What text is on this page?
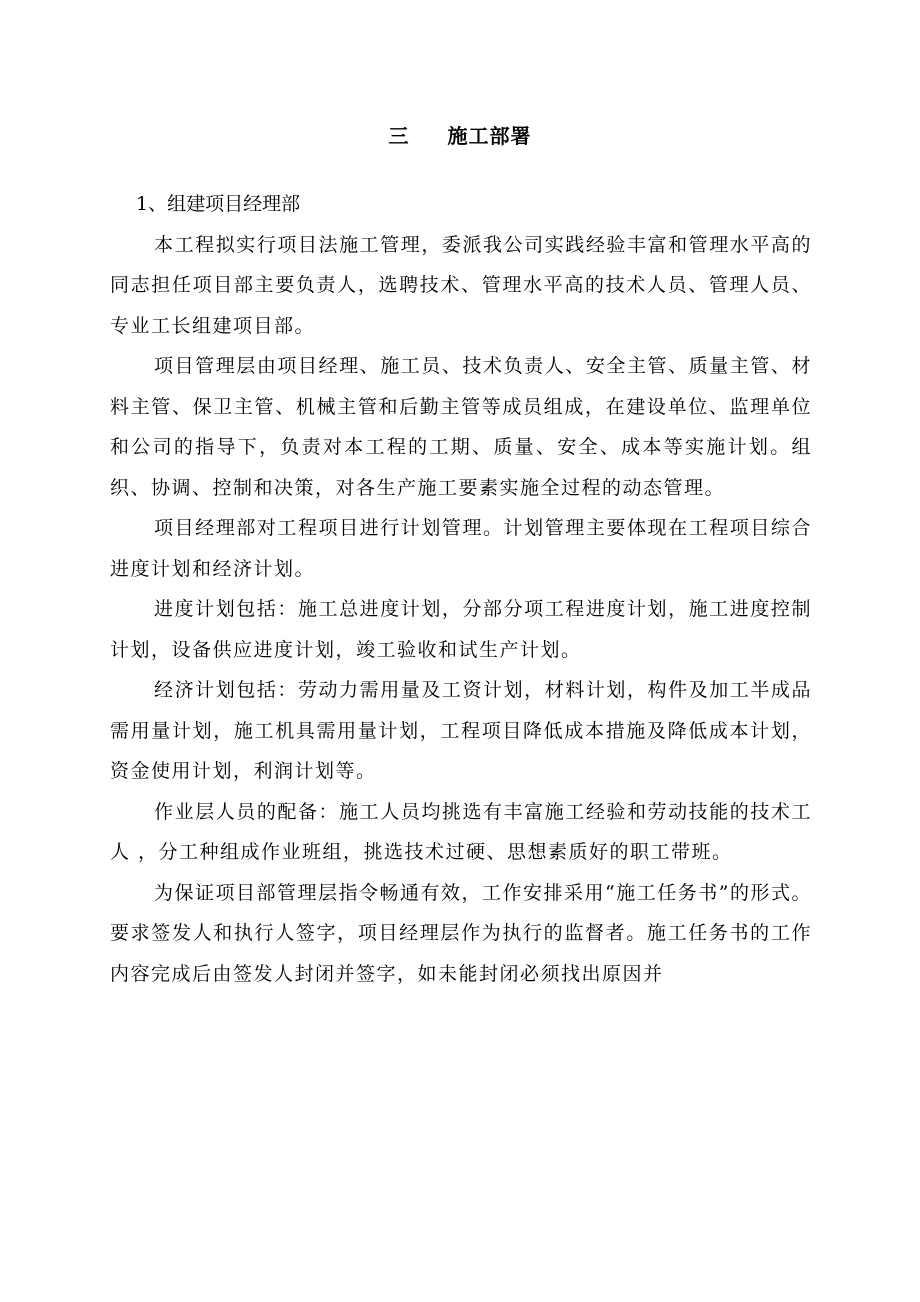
三 施工部署

1、组建项目经理部

本工程拟实行项目法施工管理，委派我公司实践经验丰富和管理水平高的同志担任项目部主要负责人，选聘技术、管理水平高的技术人员、管理人员、专业工长组建项目部。

项目管理层由项目经理、施工员、技术负责人、安全主管、质量主管、材料主管、保卫主管、机械主管和后勤主管等成员组成，在建设单位、监理单位和公司的指导下，负责对本工程的工期、质量、安全、成本等实施计划。组织、协调、控制和决策，对各生产施工要素实施全过程的动态管理。

项目经理部对工程项目进行计划管理。计划管理主要体现在工程项目综合进度计划和经济计划。

进度计划包括：施工总进度计划，分部分项工程进度计划，施工进度控制计划，设备供应进度计划，竣工验收和试生产计划。

经济计划包括：劳动力需用量及工资计划，材料计划，构件及加工半成品需用量计划，施工机具需用量计划，工程项目降低成本措施及降低成本计划，资金使用计划，利润计划等。

作业层人员的配备：施工人员均挑选有丰富施工经验和劳动技能的技术工人 ，分工种组成作业班组，挑选技术过硬、思想素质好的职工带班。

为保证项目部管理层指令畅通有效，工作安排采用“施工任务书”的形式。要求签发人和执行人签字，项目经理层作为执行的监督者。施工任务书的工作内容完成后由签发人封闭并签字，如未能封闭必须找出原因并
